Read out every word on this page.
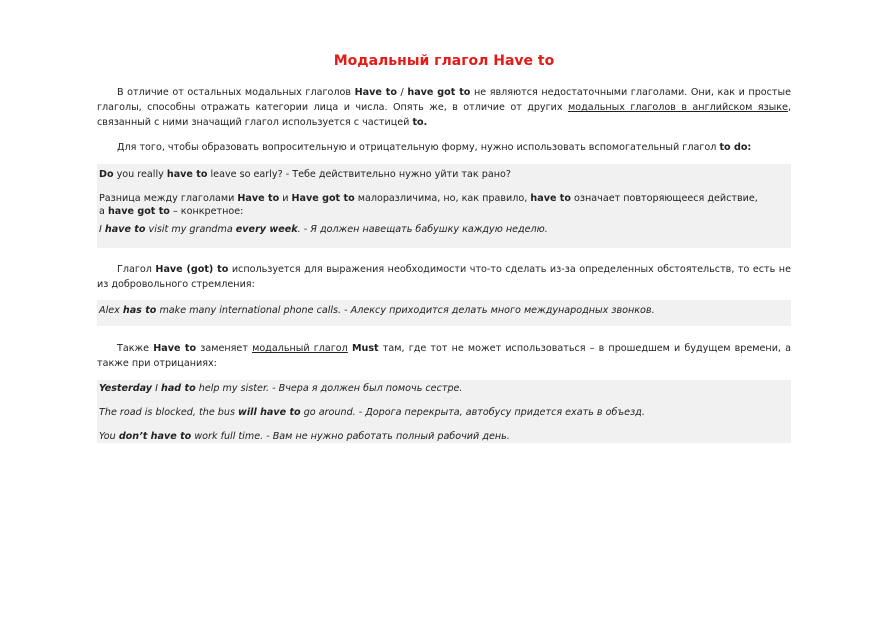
Модальный глагол Have to

В отличие от остальных модальных глаголов Have to / have got to не являются недостаточными глаголами. Они, как и простые глаголы, способны отражать категории лица и числа. Опять же, в отличие от других модальных глаголов в английском языке, связанный с ними значащий глагол используется с частицей to.

Для того, чтобы образовать вопросительную и отрицательную форму, нужно использовать вспомогательный глагол to do:

Do you really have to leave so early? - Тебе действительно нужно уйти так рано?

Разница между глаголами Have to и Have got to малоразличима, но, как правило, have to означает повторяющееся действие,

а have got to – конкретное:

I have to visit my grandma every week. - Я должен навещать бабушку каждую неделю.

Глагол Have (got) to используется для выражения необходимости что-то сделать из-за определенных обстоятельств, то есть не из добровольного стремления:

Alex has to make many international phone calls. - Алексу приходится делать много международных звонков.

Также Have to заменяет модальный глагол Must там, где тот не может использоваться – в прошедшем и будущем времени, а также при отрицаниях:

Yesterday I had to help my sister. - Вчера я должен был помочь сестре.

The road is blocked, the bus will have to go around. - Дорога перекрыта, автобусу придется ехать в объезд.

You don’t have to work full time. - Вам не нужно работать полный рабочий день.
